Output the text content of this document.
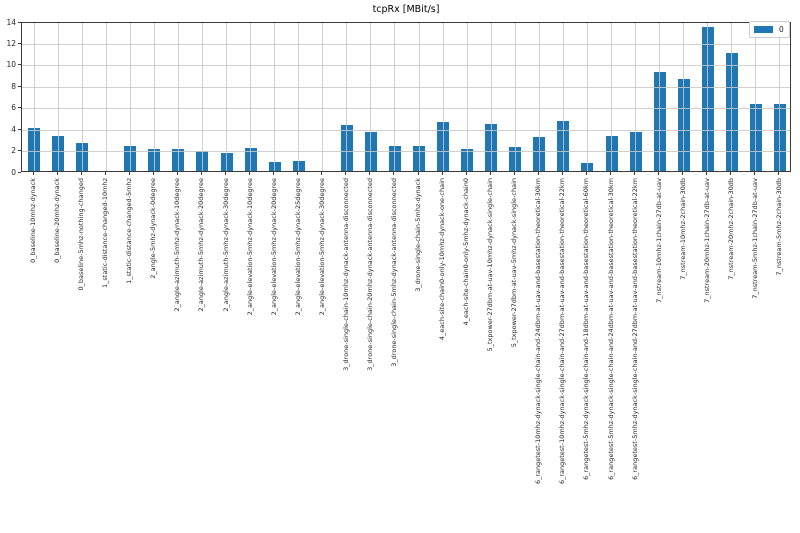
tcpRx [MBit/s]
0
0
2
4
6
8
10
12
14
0_baseline-10mhz-dynack 0_baseline-20mhz-dynack 0_baseline-5mhz-nothing-changed 1_static-distance-changed-10mhz 1_static-distance-changed-5mhz 2_angle-5mhz-dynack-0degree 2_angle-azimuth-5mhz-dynack-10degree 2_angle-azimuth-5mhz-dynack-20degree 2_angle-azimuth-5mhz-dynack-30degree 2_angle-elevation-5mhz-dynack-10degree 2_angle-elevation-5mhz-dynack-20degree 2_angle-elevation-5mhz-dynack-25degree 2_angle-elevation-5mhz-dynack-30degree 3_drone-single-chain-10mhz-dynack-antenna-disconnected 3_drone-single-chain-20mhz-dynack-antenna-disconnected 3_drone-single-chain-5mhz-dynack-antenna-disconnected 3_drone-single-chain-5mhz-dynack 4_each-site-chain0-only-10mhz-dynack-one-chain 4_each-site-chain0-only-5mhz-dynack-chain0 5_txpower-27dbm-at-uav-10mhz-dynack-single-chain 5_txpower-27dbm-at-uav-5mhz-dynack-single-chain 6_rangetest-10mhz-dynack-single-chain-and-24dbm-at-uav-and-basestation-theoretical-30km 6_rangetest-10mhz-dynack-single-chain-and-27dbm-at-uav-and-basestation-theoretical-22km 6_rangetest-5mhz-dynack-single-chain-and-18dbm-at-uav-and-basestation-theoretical-60km 6_rangetest-5mhz-dynack-single-chain-and-24dbm-at-uav-and-basestation-theoretical-30km 6_rangetest-5mhz-dynack-single-chain-and-27dbm-at-uav-and-basestation-theoretical-22km 7_nstream-10mhz-1chain-27db-at-uav 7_nstream-10mhz-2chain-30db 7_nstream-20mhz-1chain-27db-at-uav 7_nstream-20mhz-2chain-30db 7_nstream-5mhz-1chain-27db-at-uav 7_nstream-5mhz-2chain-30db
